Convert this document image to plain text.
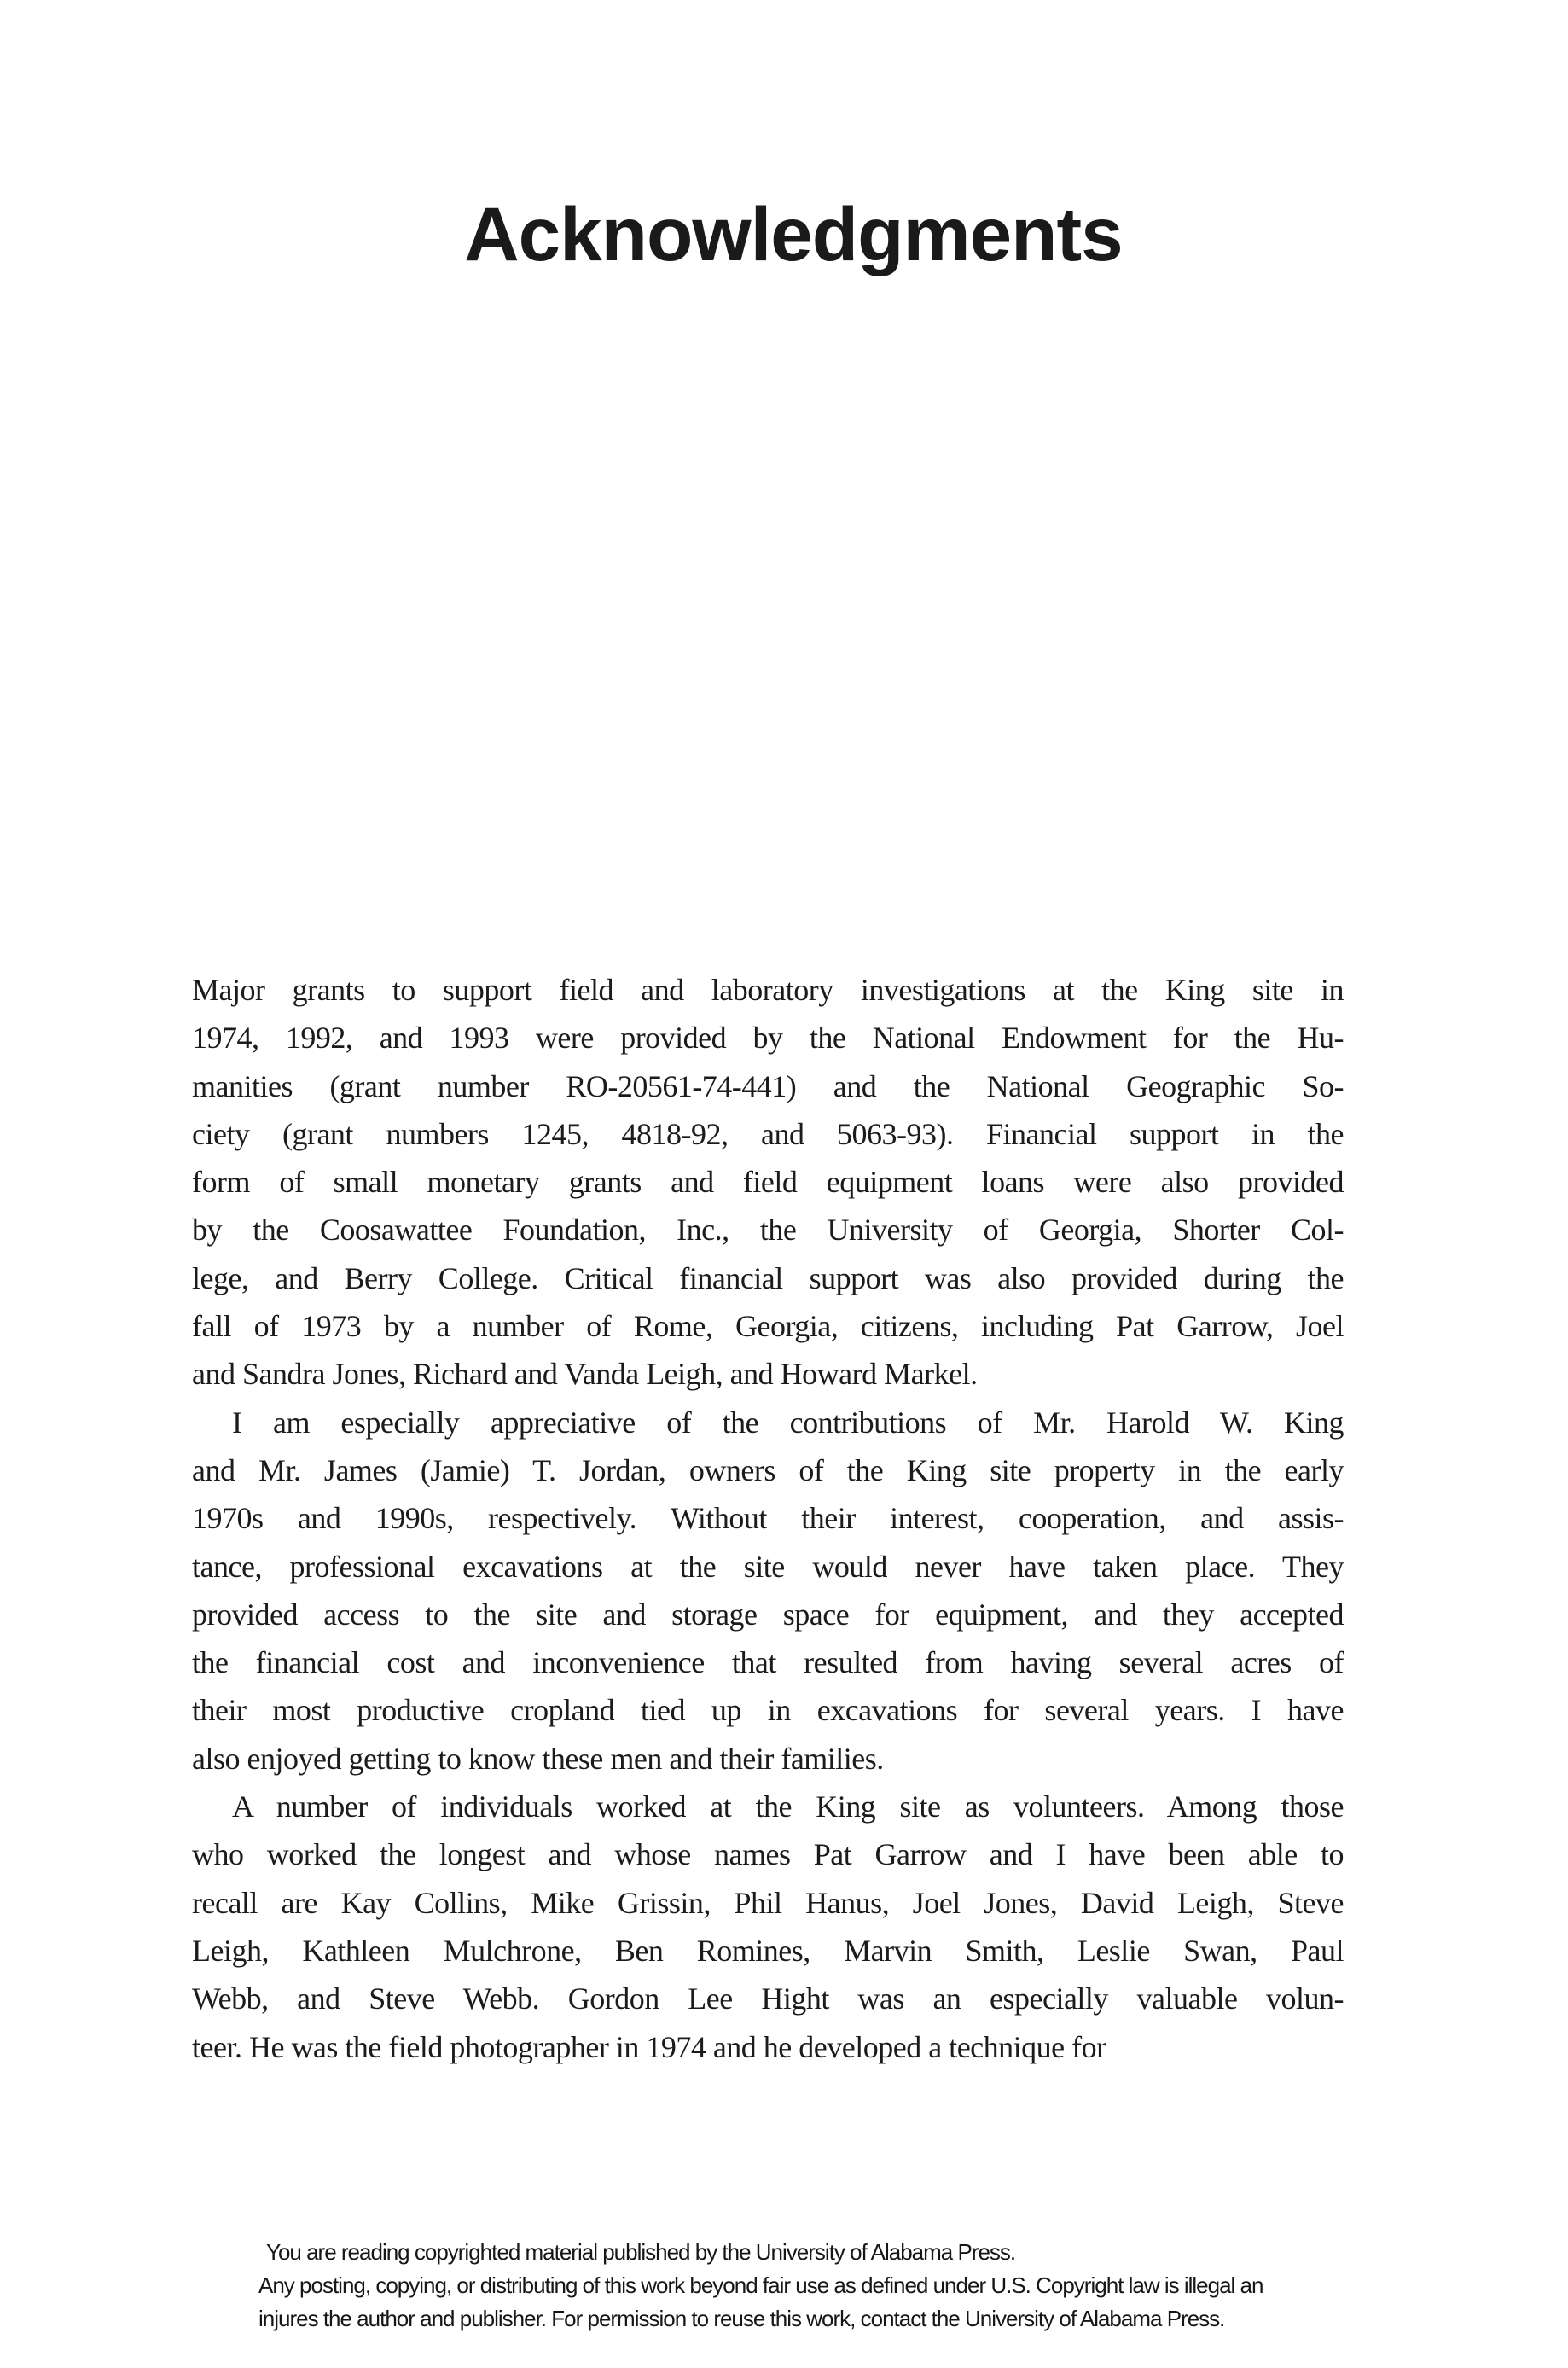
Acknowledgments
Major grants to support field and laboratory investigations at the King site in
1974, 1992, and 1993 were provided by the National Endowment for the Hu-
manities (grant number RO-20561-74-441) and the National Geographic So-
ciety (grant numbers 1245, 4818-92, and 5063-93). Financial support in the
form of small monetary grants and field equipment loans were also provided
by the Coosawattee Foundation, Inc., the University of Georgia, Shorter Col-
lege, and Berry College. Critical financial support was also provided during the
fall of 1973 by a number of Rome, Georgia, citizens, including Pat Garrow, Joel
and Sandra Jones, Richard and Vanda Leigh, and Howard Markel.
I am especially appreciative of the contributions of Mr. Harold W. King
and Mr. James (Jamie) T. Jordan, owners of the King site property in the early
1970s and 1990s, respectively. Without their interest, cooperation, and assis-
tance, professional excavations at the site would never have taken place. They
provided access to the site and storage space for equipment, and they accepted
the financial cost and inconvenience that resulted from having several acres of
their most productive cropland tied up in excavations for several years. I have
also enjoyed getting to know these men and their families.
A number of individuals worked at the King site as volunteers. Among those
who worked the longest and whose names Pat Garrow and I have been able to
recall are Kay Collins, Mike Grissin, Phil Hanus, Joel Jones, David Leigh, Steve
Leigh, Kathleen Mulchrone, Ben Romines, Marvin Smith, Leslie Swan, Paul
Webb, and Steve Webb. Gordon Lee Hight was an especially valuable volun-
teer. He was the field photographer in 1974 and he developed a technique for
You are reading copyrighted material published by the University of Alabama Press.
Any posting, copying, or distributing of this work beyond fair use as defined under U.S. Copyright law is illegal an
injures the author and publisher. For permission to reuse this work, contact the University of Alabama Press.
